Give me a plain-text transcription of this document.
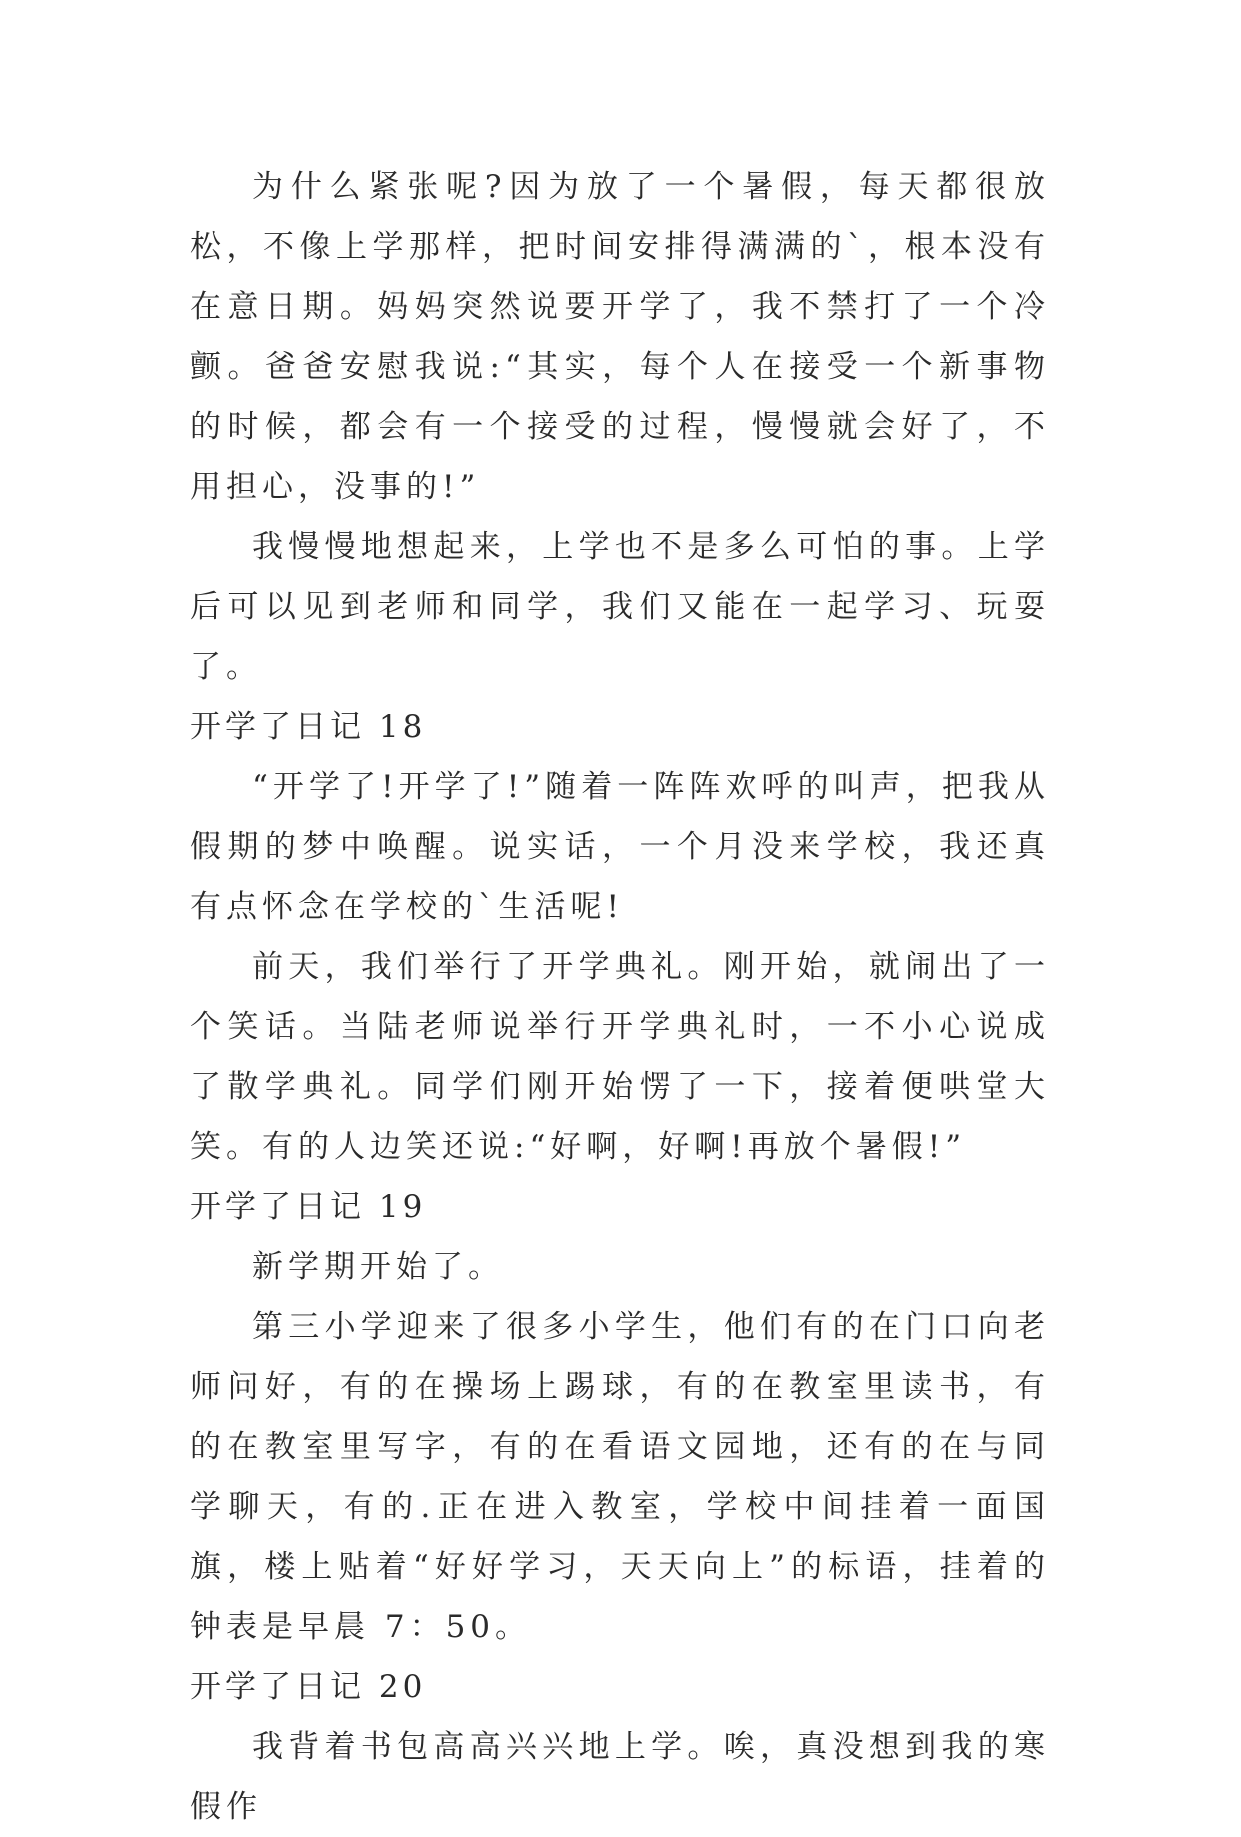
为什么紧张呢?因为放了一个暑假，每天都很放松，不像上学那样，把时间安排得满满的`，根本没有在意日期。妈妈突然说要开学了，我不禁打了一个冷颤。爸爸安慰我说:“其实，每个人在接受一个新事物的时候，都会有一个接受的过程，慢慢就会好了，不用担心，没事的!”

我慢慢地想起来，上学也不是多么可怕的事。上学后可以见到老师和同学，我们又能在一起学习、玩耍了。

开学了日记 18

“开学了!开学了!”随着一阵阵欢呼的叫声，把我从假期的梦中唤醒。说实话，一个月没来学校，我还真有点怀念在学校的`生活呢!

前天，我们举行了开学典礼。刚开始，就闹出了一个笑话。当陆老师说举行开学典礼时，一不小心说成了散学典礼。同学们刚开始愣了一下，接着便哄堂大笑。有的人边笑还说:“好啊，好啊!再放个暑假!”

开学了日记 19

新学期开始了。

第三小学迎来了很多小学生，他们有的在门口向老师问好，有的在操场上踢球，有的在教室里读书，有的在教室里写字，有的在看语文园地，还有的在与同学聊天，有的.正在进入教室，学校中间挂着一面国旗，楼上贴着“好好学习，天天向上”的标语，挂着的钟表是早晨 7：50。

开学了日记 20

我背着书包高高兴兴地上学。唉，真没想到我的寒假作
